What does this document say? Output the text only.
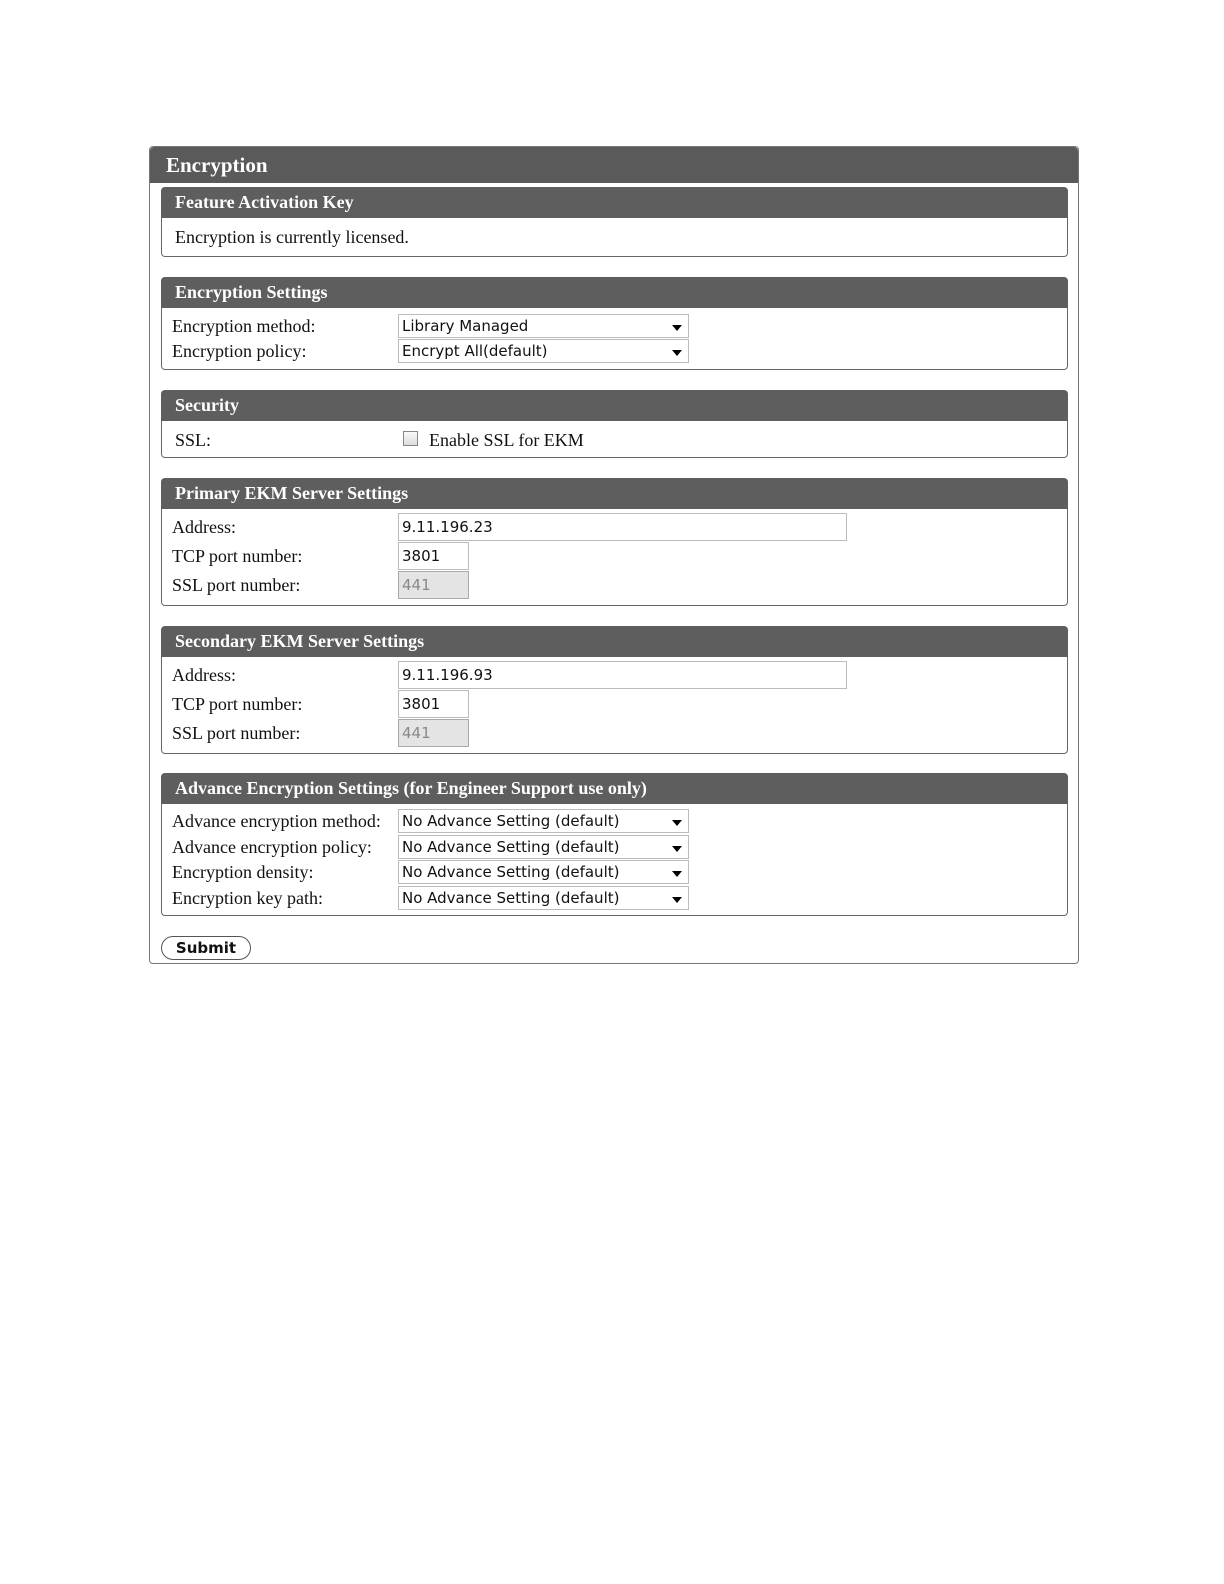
Encryption
Feature Activation Key
Encryption is currently licensed.
Encryption Settings
Encryption method:	Library Managed
Encryption policy:	Encrypt All(default)
Security
SSL:	Enable SSL for EKM
Primary EKM Server Settings
Address:	9.11.196.23
TCP port number:	3801
SSL port number:	441
Secondary EKM Server Settings
Address:	9.11.196.93
TCP port number:	3801
SSL port number:	441
Advance Encryption Settings (for Engineer Support use only)
Advance encryption method: No Advance Setting (default)
Advance encryption policy: No Advance Setting (default)
Encryption density:	No Advance Setting (default)
Encryption key path:	No Advance Setting (default)
Submit
